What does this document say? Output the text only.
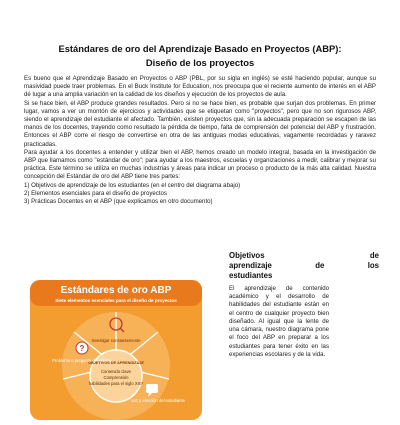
Estándares de oro del Aprendizaje Basado en Proyectos (ABP):
Diseño de los proyectos

Es bueno que el Aprendizaje Basado en Proyectos o ABP (PBL, por su sigla en inglés) se esté haciendo popular, aunque su masividad puede traer problemas. En el Buck Institute for Education, nos preocupa que el reciente aumento de interés en el ABP dé lugar a una amplia variación en la calidad de los diseños y ejecución de los proyectos de aula.

Si se hace bien, el ABP produce grandes resultados. Pero si no se hace bien, es probable que surjan dos problemas. En primer lugar, vamos a ver un montón de ejercicios y actividades que se etiquetan como "proyectos", pero que no son rigurosos ABP, siendo el aprendizaje del estudiante el afectado. También, existen proyectos que, sin la adecuada preparación se escapen de las manos de los docentes, trayendo como resultado la pérdida de tiempo, falta de comprensión del potencial del ABP y frustración. Entonces el ABP corre el riesgo de convertirse en otra de las antiguas modas educativas, vagamente recordadas y raravez practicadas.

Para ayudar a los docentes a entender y utilizar bien el ABP, hemos creado un modelo integral, basada en la investigación de ABP que llamamos como "estándar de oro"; para ayudar a los maestros, escuelas y organizaciones a medir, calibrar y mejorar su práctica. Este término se utiliza en muchas industrias y áreas para indicar un proceso o producto de la más alta calidad. Nuestra concepción del Estándar de oro del ABP tiene tres partes:

1) Objetivos de aprendizaje de los estudiantes (en el centro del diagrama abajo)

2) Elementos esenciales para el diseño de proyectos

3) Prácticas Docentes en el ABP (que explicamos en otro documento)

Estándares de oro ABP
Siete elementos esenciales para el diseño de proyectos
Investigar constantemente
?
Problema o pregunta desafiante
Voz y elección del estudiante
OBJETIVOS DE APRENDIZAJE
Contenido clave
Comprensión
habilidades para el siglo XXI*
Objetivos de
aprendizaje de los
estudiantes
El aprendizaje de contenido académico y el desarrollo de habilidades del estudiante están en el centro de cualquier proyecto bien diseñado. Al igual que la lente de una cámara, nuestro diagrama pone el foco del ABP en preparar a los estudiantes para tener éxito en las experiencias escolares y de la vida.
